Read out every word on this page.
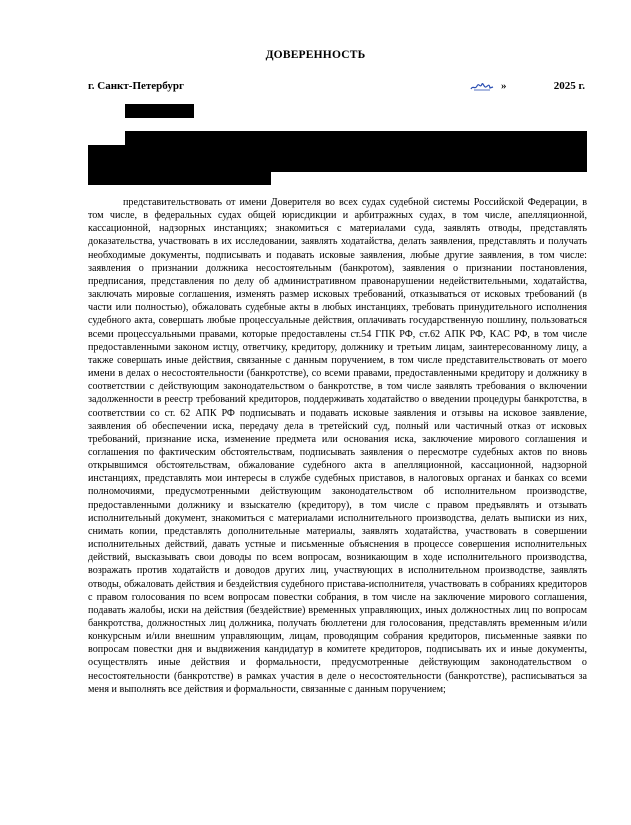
ДОВЕРЕННОСТЬ
г. Санкт-Петербург	»	2025 г.

представительствовать от имени Доверителя во всех судах судебной системы Российской Федерации, в том числе, в федеральных судах общей юрисдикции и арбитражных судах, в том числе, апелляционной, кассационной, надзорных инстанциях; знакомиться с материалами суда, заявлять отводы, представлять доказательства, участвовать в их исследовании, заявлять ходатайства, делать заявления, представлять и получать необходимые документы, подписывать и подавать исковые заявления, любые другие заявления, в том числе: заявления о признании должника несостоятельным (банкротом), заявления о признании постановления, предписания, представления по делу об административном правонарушении недействительными, ходатайства, заключать мировые соглашения, изменять размер исковых требований, отказываться от исковых требований (в части или полностью), обжаловать судебные акты в любых инстанциях, требовать принудительного исполнения судебного акта, совершать любые процессуальные действия, оплачивать государственную пошлину, пользоваться всеми процессуальными правами, которые предоставлены ст.54 ГПК РФ, ст.62 АПК РФ, КАС РФ, в том числе предоставленными законом истцу, ответчику, кредитору, должнику и третьим лицам, заинтересованному лицу, а также совершать иные действия, связанные с данным поручением, в том числе представительствовать от моего имени в делах о несостоятельности (банкротстве), со всеми правами, предоставленными кредитору и должнику в соответствии с действующим законодательством о банкротстве, в том числе заявлять требования о включении задолженности в реестр требований кредиторов, поддерживать ходатайство о введении процедуры банкротства, в соответствии со ст. 62 АПК РФ подписывать и подавать исковые заявления и отзывы на исковое заявление, заявления об обеспечении иска, передачу дела в третейский суд, полный или частичный отказ от исковых требований, признание иска, изменение предмета или основания иска, заключение мирового соглашения и соглашения по фактическим обстоятельствам, подписывать заявления о пересмотре судебных актов по вновь открывшимся обстоятельствам, обжалование судебного акта в апелляционной, кассационной, надзорной инстанциях, представлять мои интересы в службе судебных приставов, в налоговых органах и банках со всеми полномочиями, предусмотренными действующим законодательством об исполнительном производстве, предоставленными должнику и взыскателю (кредитору), в том числе с правом предъявлять и отзывать исполнительный документ, знакомиться с материалами исполнительного производства, делать выписки из них, снимать копии, представлять дополнительные материалы, заявлять ходатайства, участвовать в совершении исполнительных действий, давать устные и письменные объяснения в процессе совершения исполнительных действий, высказывать свои доводы по всем вопросам, возникающим в ходе исполнительного производства, возражать против ходатайств и доводов других лиц, участвующих в исполнительном производстве, заявлять отводы, обжаловать действия и бездействия судебного пристава-исполнителя, участвовать в собраниях кредиторов с правом голосования по всем вопросам повестки собрания, в том числе на заключение мирового соглашения, подавать жалобы, иски на действия (бездействие) временных управляющих, иных должностных лиц по вопросам банкротства, должностных лиц должника, получать бюллетени для голосования, представлять временным и/или конкурсным и/или внешним управляющим, лицам, проводящим собрания кредиторов, письменные заявки по вопросам повестки дня и выдвижения кандидатур в комитете кредиторов, подписывать их и иные документы, осуществлять иные действия и формальности, предусмотренные действующим законодательством о несостоятельности (банкротстве) в рамках участия в деле о несостоятельности (банкротстве), расписываться за меня и выполнять все действия и формальности, связанные с данным поручением;
